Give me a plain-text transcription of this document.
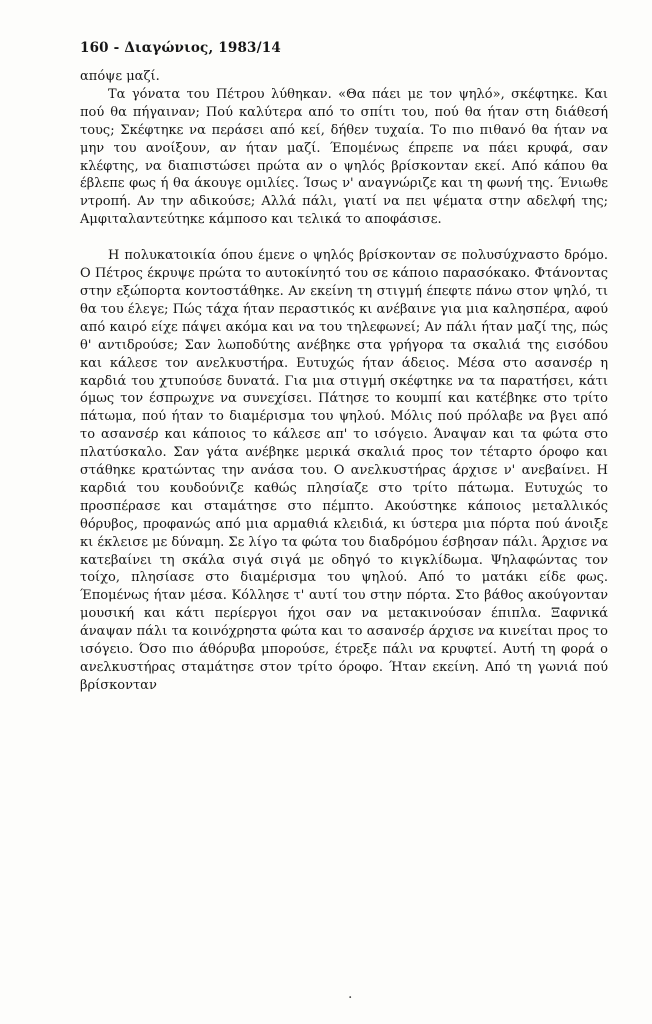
160 - Διαγώνιος, 1983/14

απόψε μαζί.

Τα γόνατα του Πέτρου λύθηκαν. «Θα πάει με τον ψηλό», σκέφτηκε. Και πού θα πήγαιναν; Πού καλύτερα από το σπίτι του, πού θα ήταν στη διάθεσή τους; Σκέφτηκε να περάσει από κεί, δήθεν τυχαία. Το πιο πιθανό θα ήταν να μην του ανοίξουν, αν ήταν μαζί. Έπομένως έπρεπε να πάει κρυφά, σαν κλέφτης, να διαπιστώσει πρώτα αν ο ψηλός βρίσκονταν εκεί. Από κάπου θα έβλεπε φως ή θα άκουγε ομιλίες. Ίσως ν' αναγνώριζε και τη φωνή της. Ένιωθε ντροπή. Αν την αδικούσε; Αλλά πάλι, γιατί να πει ψέματα στην αδελφή της; Αμφιταλαντεύτηκε κάμποσο και τελικά το αποφάσισε.

Η πολυκατοικία όπου έμενε ο ψηλός βρίσκονταν σε πολυσύχναστο δρόμο. Ο Πέτρος έκρυψε πρώτα το αυτοκίνητό του σε κάποιο παρασόκακο. Φτάνοντας στην εξώπορτα κοντοστάθηκε. Αν εκείνη τη στιγμή έπεφτε πάνω στον ψηλό, τι θα του έλεγε; Πώς τάχα ήταν περαστικός κι ανέβαινε για μια καλησπέρα, αφού από καιρό είχε πάψει ακόμα και να του τηλεφωνεί; Αν πάλι ήταν μαζί της, πώς θ' αντιδρούσε; Σαν λωποδύτης ανέβηκε στα γρήγορα τα σκαλιά της εισόδου και κάλεσε τον ανελκυστήρα. Ευτυχώς ήταν άδειος. Μέσα στο ασανσέρ η καρδιά του χτυπούσε δυνατά. Για μια στιγμή σκέφτηκε να τα παρατήσει, κάτι όμως τον έσπρωχνε να συνεχίσει. Πάτησε το κουμπί και κατέβηκε στο τρίτο πάτωμα, πού ήταν το διαμέρισμα του ψηλού. Μόλις πού πρόλαβε να βγει από το ασανσέρ και κάποιος το κάλεσε απ' το ισόγειο. Άναψαν και τα φώτα στο πλατύσκαλο. Σαν γάτα ανέβηκε μερικά σκαλιά προς τον τέταρτο όροφο και στάθηκε κρατώντας την ανάσα του. Ο ανελκυστήρας άρχισε ν' ανεβαίνει. Η καρδιά του κουδούνιζε καθώς πλησίαζε στο τρίτο πάτωμα. Ευτυχώς το προσπέρασε και σταμάτησε στο πέμπτο. Ακούστηκε κάποιος μεταλλικός θόρυβος, προφανώς από μια αρμαθιά κλειδιά, κι ύστερα μια πόρτα πού άνοιξε κι έκλεισε με δύναμη. Σε λίγο τα φώτα του διαδρόμου έσβησαν πάλι. Άρχισε να κατεβαίνει τη σκάλα σιγά σιγά με οδηγό το κιγκλίδωμα. Ψηλαφώντας τον τοίχο, πλησίασε στο διαμέρισμα του ψηλού. Από το ματάκι είδε φως. Έπομένως ήταν μέσα. Κόλλησε τ' αυτί του στην πόρτα. Στο βάθος ακούγονταν μουσική και κάτι περίεργοι ήχοι σαν να μετακινούσαν έπιπλα. Ξαφνικά άναψαν πάλι τα κοινόχρηστα φώτα και το ασανσέρ άρχισε να κινείται προς το ισόγειο. Όσο πιο άθόρυβα μπορούσε, έτρεξε πάλι να κρυφτεί. Αυτή τη φορά ο ανελκυστήρας σταμάτησε στον τρίτο όροφο. Ήταν εκείνη. Από τη γωνιά πού βρίσκονταν

·
